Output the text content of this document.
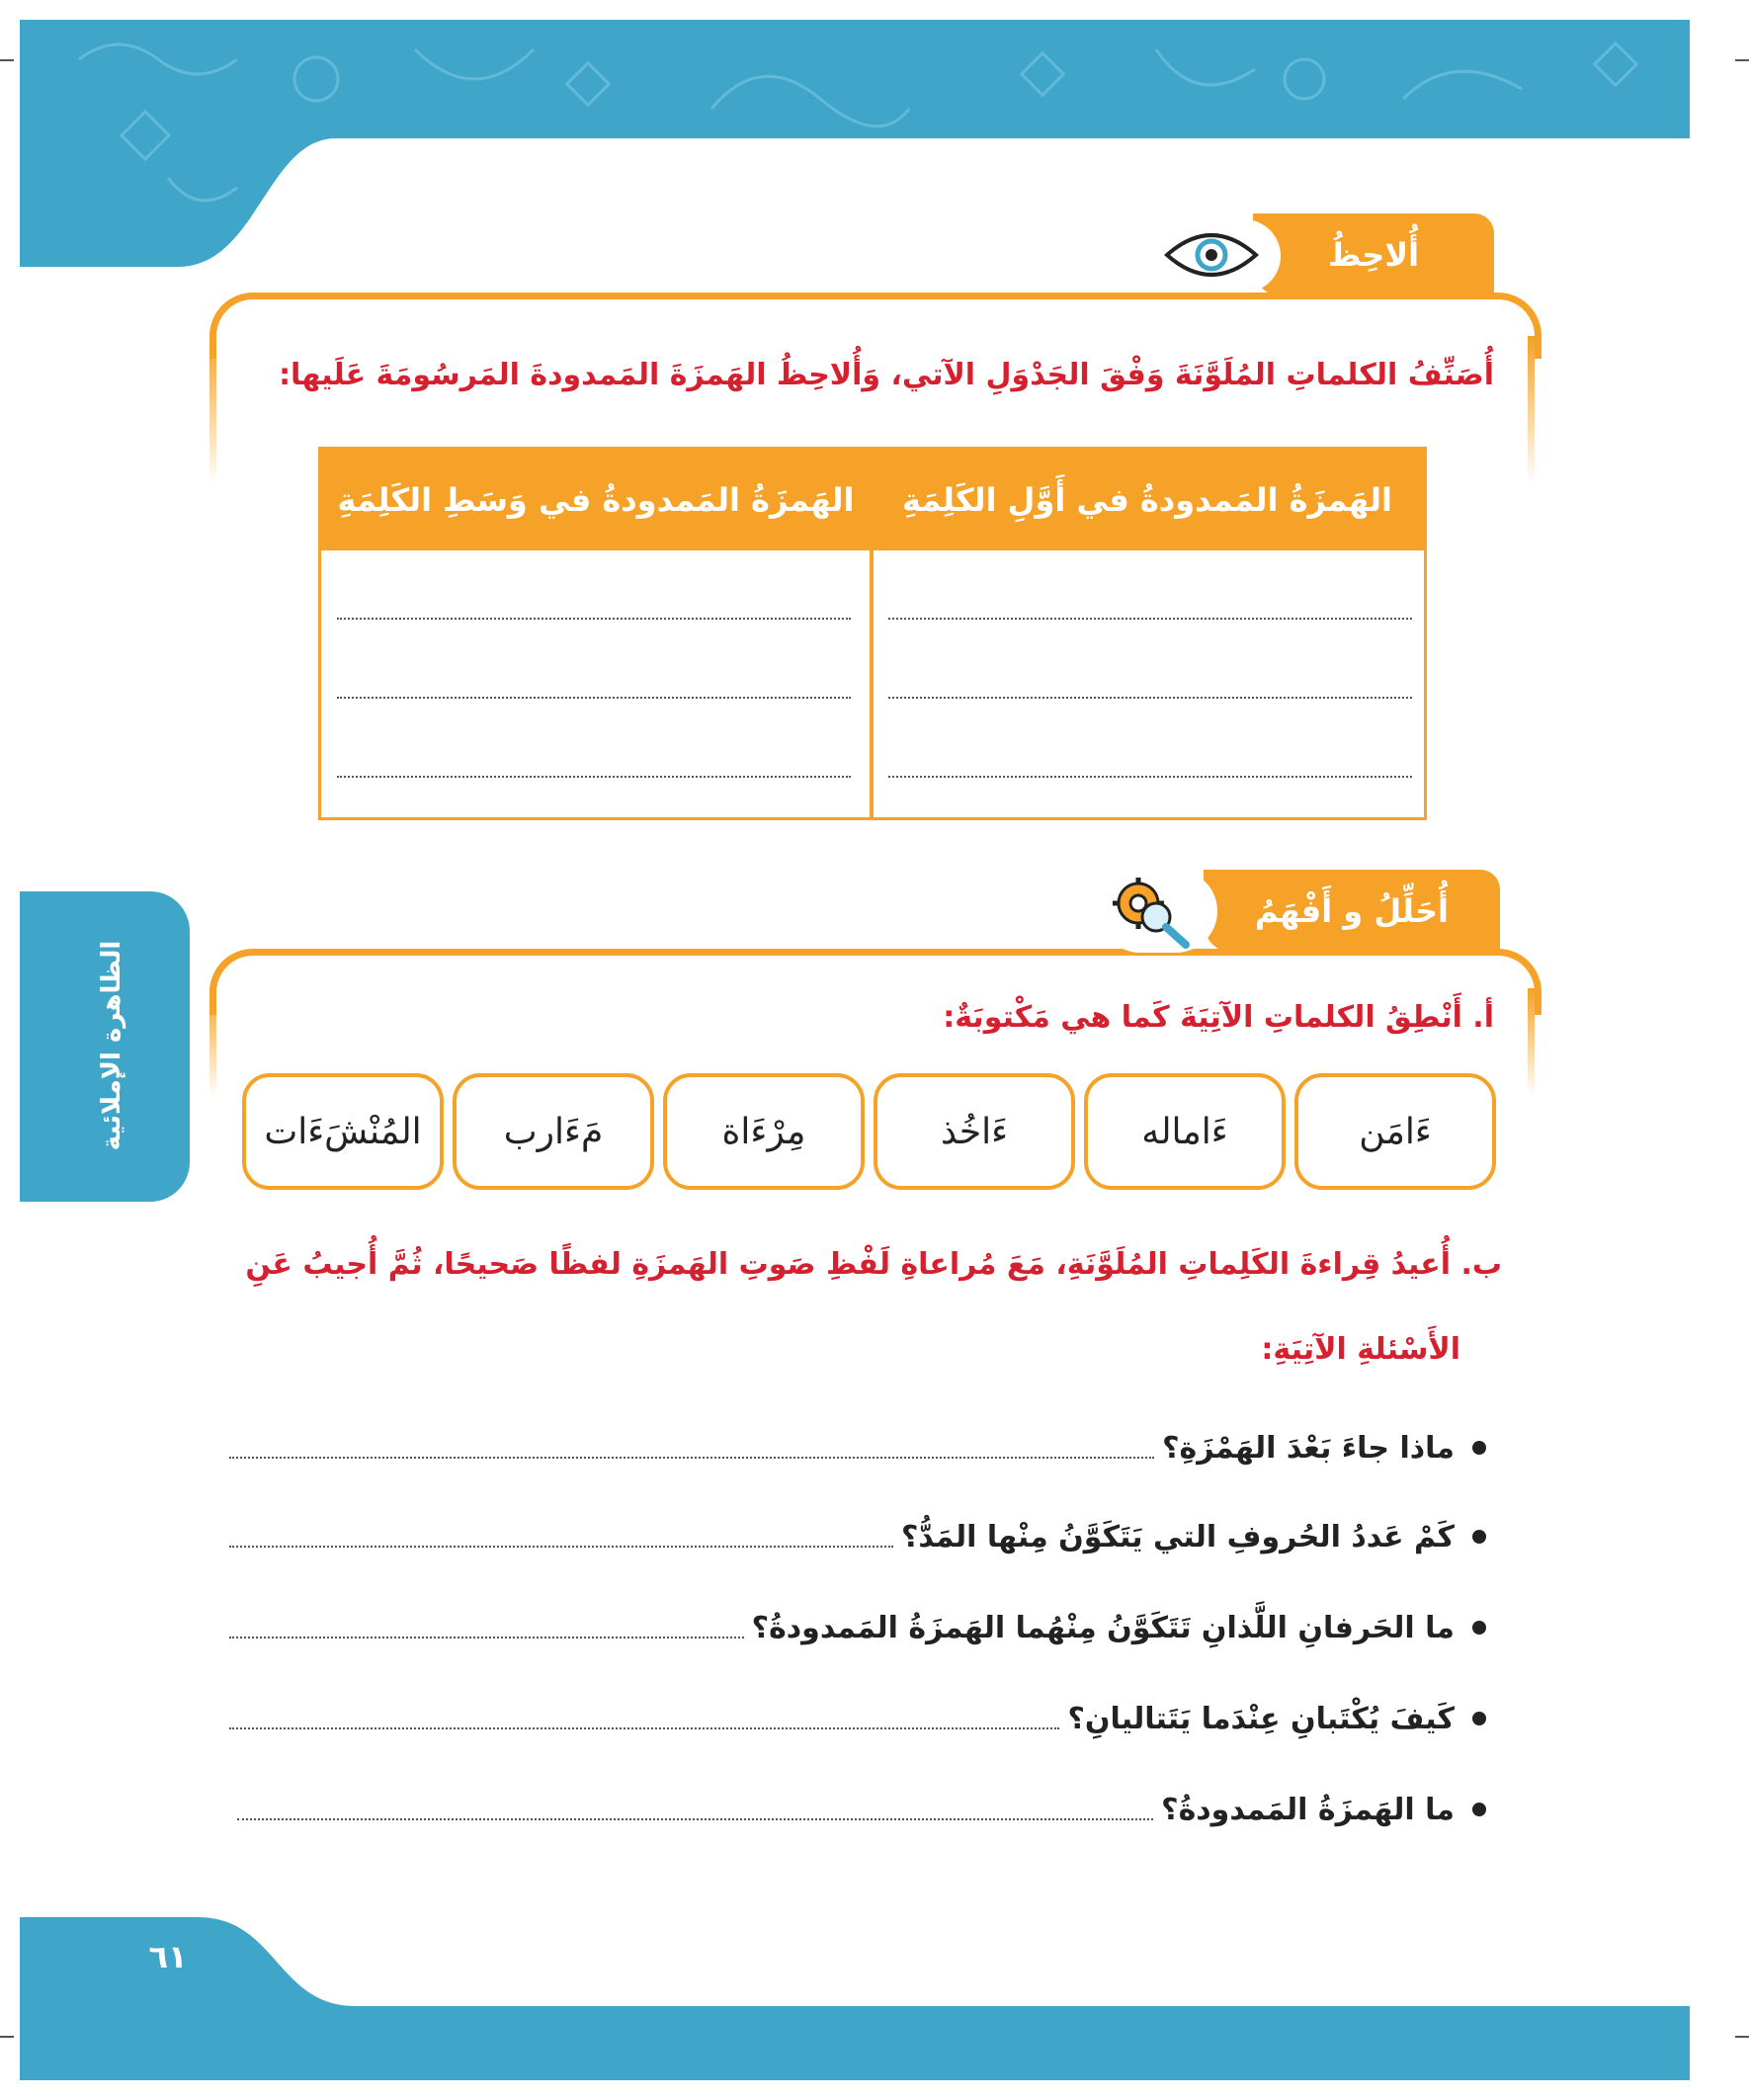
أُلاحِظُ
أُصَنِّفُ الكلماتِ المُلَوَّنَةَ وَفْقَ الجَدْوَلِ الآتي، وَأُلاحِظُ الهَمزَةَ المَمدودةَ المَرسُومَةَ عَلَيها:
الهَمزَةُ المَمدودةُ في أَوَّلِ الكَلِمَةِ
الهَمزَةُ المَمدودةُ في وَسَطِ الكَلِمَةِ
أُحَلِّلُ و أَفْهَمُ
أ. أَنْطِقُ الكلماتِ الآتِيَةَ كَما هي مَكْتوبَةٌ:
ءَامَن
ءَاماله
ءَاخُذ
مِرْءَاة
مَءَارب
المُنْشَءَات
ب. أُعيدُ قِراءةَ الكَلِماتِ المُلَوَّنَةِ، مَعَ مُراعاةِ لَفْظِ صَوتِ الهَمزَةِ لفظًا صَحيحًا، ثُمَّ أُجيبُ عَنِ
الأَسْئلةِ الآتِيَةِ:
ماذا جاءَ بَعْدَ الهَمْزَةِ؟
كَمْ عَددُ الحُروفِ التي يَتَكَوَّنُ مِنْها المَدُّ؟
ما الحَرفانِ اللَّذانِ تَتَكَوَّنُ مِنْهُما الهَمزَةُ المَمدودةُ؟
كَيفَ يُكْتَبانِ عِنْدَما يَتَتاليانِ؟
ما الهَمزَةُ المَمدودةُ؟
الظاهرة الإملائية
٦١
